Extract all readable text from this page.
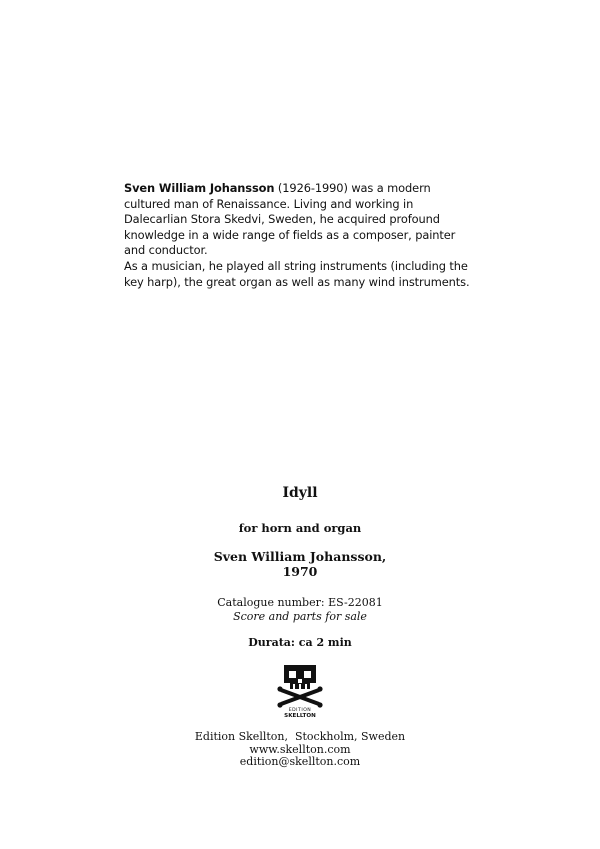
Sven William Johansson (1926-1990) was a modern cultured man of Renaissance. Living and working in Dalecarlian Stora Skedvi, Sweden, he acquired profound knowledge in a wide range of fields as a composer, painter and conductor.

As a musician, he played all string instruments (including the key harp), the great organ as well as many wind instruments.

Idyll
for horn and organ
Sven William Johansson,
1970
Catalogue number: ES-22081
Score and parts for sale
Durata: ca 2 min
EDITION
SKELLTON
Edition Skellton,  Stockholm, Sweden
www.skellton.com
edition@skellton.com
